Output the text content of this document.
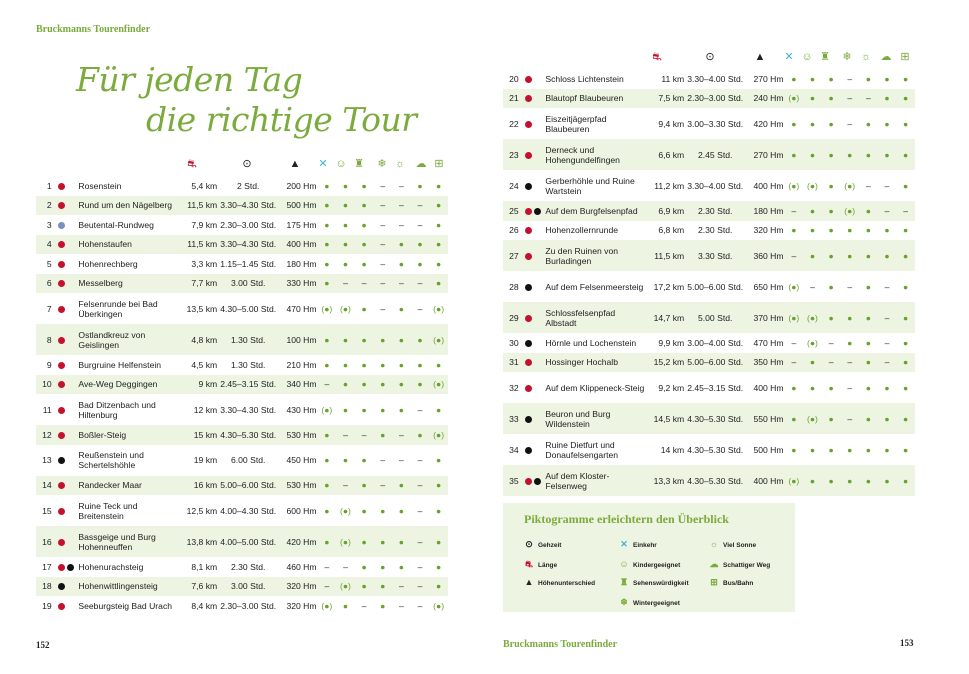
Bruckmanns Tourenfinder
Für jeden Tag
die richtige Tour
⛐	⊙	▲ ✕ ☺ ♜ ❄ ☼ ☁ ⊞
⛐	⊙	▲ ✕ ☺ ♜ ❄ ☼ ☁ ⊞
1		Rosenstein	5,4 km	2 Std.	200 Hm	●	●	●	–	–	●	●
2		Rund um den Nägelberg	11,5 km	3.30–4.30 Std.	500 Hm	●	●	●	–	–	–	●
3		Beutental-Rundweg	7,9 km	2.30–3.00 Std.	175 Hm	●	●	●	–	–	–	●
4		Hohenstaufen	11,5 km	3.30–4.30 Std.	400 Hm	●	●	●	–	●	●	●
5		Hohenrechberg	3,3 km	1.15–1.45 Std.	180 Hm	●	●	●	–	●	●	●
6		Messelberg	7,7 km	3.00 Std.	330 Hm	●	–	–	–	–	–	●
7		Felsenrunde bei Bad Überkingen	13,5 km	4.30–5.00 Std.	470 Hm	(●)	(●)	●	–	●	–	(●)
8		Ostlandkreuz von Geislingen	4,8 km	1.30 Std.	100 Hm	●	●	●	●	●	●	(●)
9		Burgruine Helfenstein	4,5 km	1.30 Std.	210 Hm	●	●	●	●	●	●	●
10		Ave-Weg Deggingen	9 km	2.45–3.15 Std.	340 Hm	–	●	●	●	●	●	(●)
11		Bad Ditzenbach und Hiltenburg	12 km	3.30–4.30 Std.	430 Hm	(●)	●	●	●	●	–	●
12		Boßler-Steig	15 km	4.30–5.30 Std.	530 Hm	●	–	–	●	–	●	(●)
13		Reußenstein und Schertelshöhle	19 km	6.00 Std.	450 Hm	●	●	●	–	–	–	●
14		Randecker Maar	16 km	5.00–6.00 Std.	530 Hm	●	–	●	–	●	–	●
15		Ruine Teck und Breitenstein	12,5 km	4.00–4.30 Std.	600 Hm	●	(●)	●	●	●	–	●
16		Bassgeige und Burg Hohenneuffen	13,8 km	4.00–5.00 Std.	420 Hm	●	(●)	●	●	●	–	●
17		Hohenurachsteig	8,1 km	2.30 Std.	460 Hm	–	–	●	●	●	–	●
18		Hohenwittlingensteig	7,6 km	3.00 Std.	320 Hm	–	(●)	●	●	–	–	●
19		Seeburgsteig Bad Urach	8,4 km	2.30–3.00 Std.	320 Hm	(●)	●	–	●	–	–	(●)
20		Schloss Lichtenstein	11 km	3.30–4.00 Std.	270 Hm	●	●	●	–	●	●	●
21		Blautopf Blaubeuren	7,5 km	2.30–3.00 Std.	240 Hm	(●)	●	●	–	–	●	●
22		Eiszeitjägerpfad Blaubeuren	9,4 km	3.00–3.30 Std.	420 Hm	●	●	●	–	●	●	●
23		Derneck und Hohengundelfingen	6,6 km	2.45 Std.	270 Hm	●	●	●	●	●	●	●
24		Gerberhöhle und Ruine Wartstein	11,2 km	3.30–4.00 Std.	400 Hm	(●)	(●)	●	(●)	–	–	●
25		Auf dem Burgfelsenpfad	6,9 km	2.30 Std.	180 Hm	–	●	●	(●)	●	–	–
26		Hohenzollernrunde	6,8 km	2.30 Std.	320 Hm	●	●	●	●	●	●	●
27		Zu den Ruinen von Burladingen	11,5 km	3.30 Std.	360 Hm	–	●	●	●	●	●	●
28		Auf dem Felsenmeersteig	17,2 km	5.00–6.00 Std.	650 Hm	(●)	–	●	–	●	–	●
29		Schlossfelsenpfad Albstadt	14,7 km	5.00 Std.	370 Hm	(●)	(●)	●	●	●	–	●
30		Hörnle und Lochenstein	9,9 km	3.00–4.00 Std.	470 Hm	–	(●)	–	●	●	–	●
31		Hossinger Hochalb	15,2 km	5.00–6.00 Std.	350 Hm	–	●	–	–	●	–	●
32		Auf dem Klippeneck-Steig	9,2 km	2.45–3.15 Std.	400 Hm	●	●	●	–	●	●	●
33		Beuron und Burg Wildenstein	14,5 km	4.30–5.30 Std.	550 Hm	●	(●)	●	–	●	●	●
34		Ruine Dietfurt und Donaufelsengarten	14 km	4.30–5.30 Std.	500 Hm	●	●	●	●	●	●	●
35		Auf dem Kloster-Felsenweg	13,3 km	4.30–5.30 Std.	400 Hm	(●)	●	●	●	●	●	●
Piktogramme erleichtern den Überblick
⊙ Gehzeit
⛐ Länge
▲ Höhenunterschied
✕ Einkehr
☺ Kindergeeignet
♜ Sehenswürdigkeit
❄ Wintergeeignet
☼ Viel Sonne
☁ Schattiger Weg
⊞ Bus/Bahn
152	Bruckmanns Tourenfinder	153
